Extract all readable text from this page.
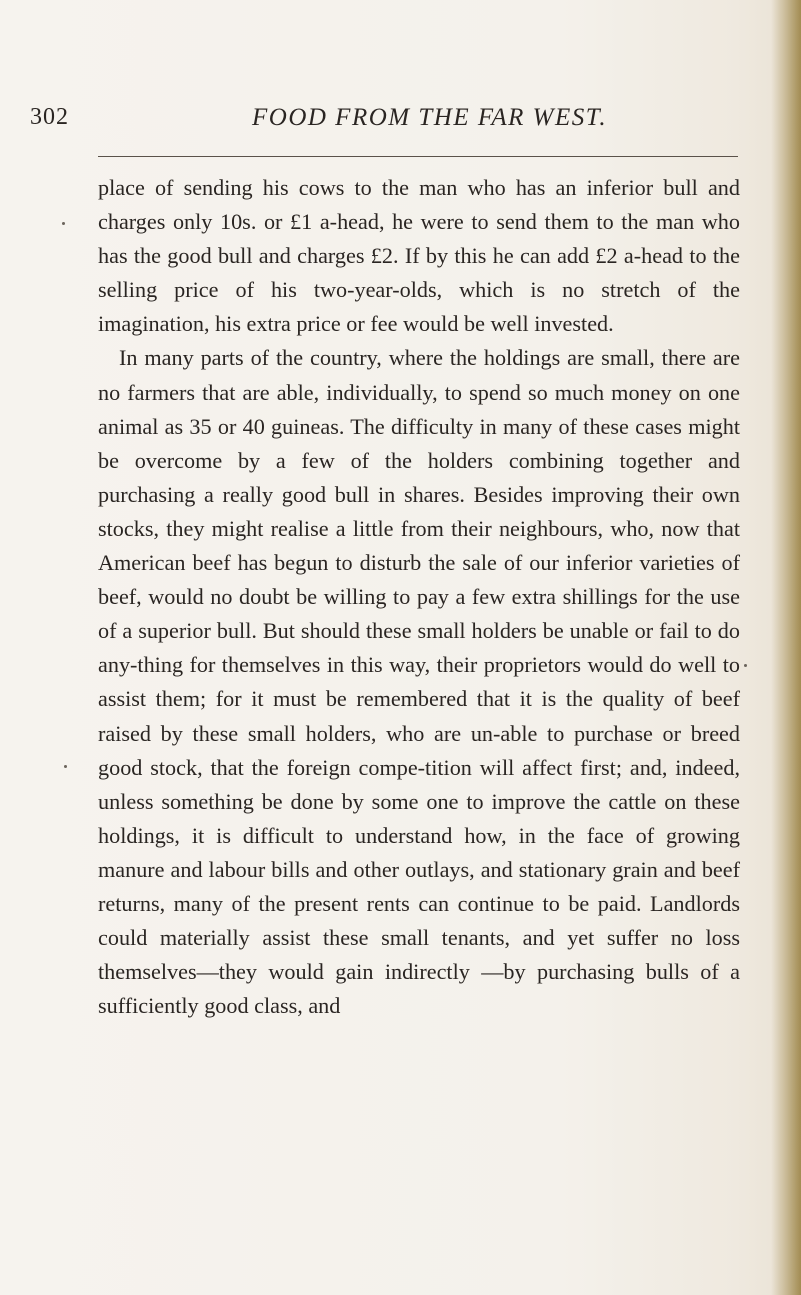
302	FOOD FROM THE FAR WEST.

place of sending his cows to the man who has an inferior bull and charges only 10s. or £1 a-head, he were to send them to the man who has the good bull and charges £2. If by this he can add £2 a-head to the selling price of his two-year-olds, which is no stretch of the imagination, his extra price or fee would be well invested.

In many parts of the country, where the holdings are small, there are no farmers that are able, individually, to spend so much money on one animal as 35 or 40 guineas. The difficulty in many of these cases might be overcome by a few of the holders combining together and purchasing a really good bull in shares. Besides improving their own stocks, they might realise a little from their neighbours, who, now that American beef has begun to disturb the sale of our inferior varieties of beef, would no doubt be willing to pay a few extra shillings for the use of a superior bull. But should these small holders be unable or fail to do any-thing for themselves in this way, their proprietors would do well to assist them; for it must be remembered that it is the quality of beef raised by these small holders, who are un-able to purchase or breed good stock, that the foreign compe-tition will affect first; and, indeed, unless something be done by some one to improve the cattle on these holdings, it is difficult to understand how, in the face of growing manure and labour bills and other outlays, and stationary grain and beef returns, many of the present rents can continue to be paid. Landlords could materially assist these small tenants, and yet suffer no loss themselves—they would gain indirectly —by purchasing bulls of a sufficiently good class, and
